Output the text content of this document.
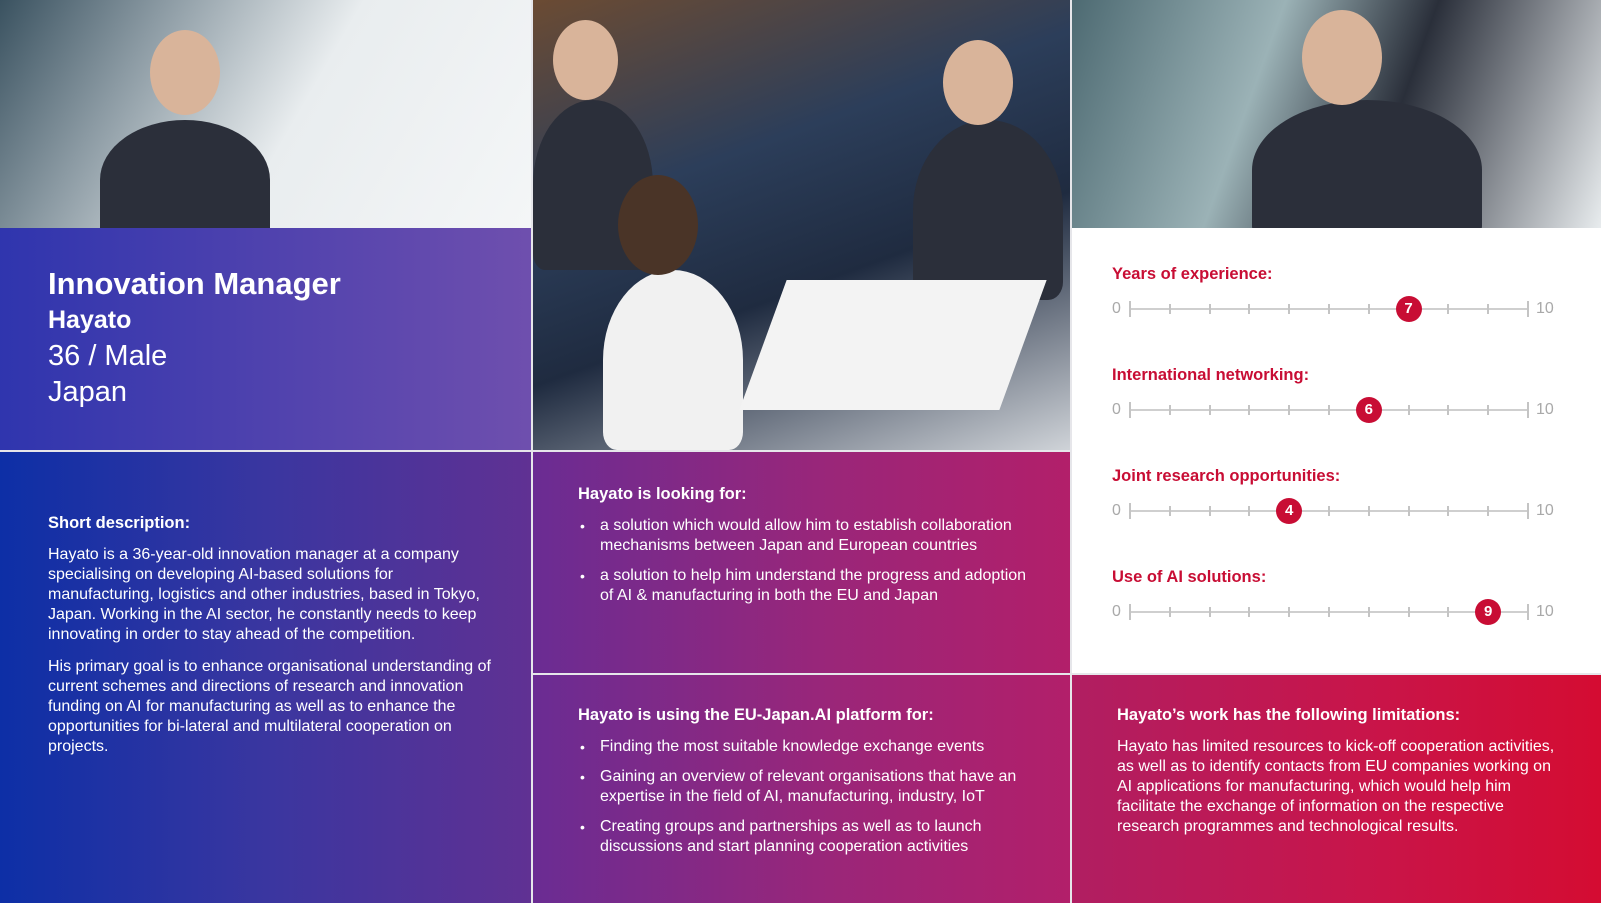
Innovation Manager
Hayato
36 / Male
Japan
Short description:

Hayato is a 36-year-old innovation manager at a company specialising on developing AI-based solutions for manufacturing, logistics and other industries, based in Tokyo, Japan. Working in the AI sector, he constantly needs to keep innovating in order to stay ahead of the competition.

His primary goal is to enhance organisational understanding of current schemes and directions of research and innovation funding on AI for manufacturing as well as to enhance the opportunities for bi-lateral and multilateral cooperation on projects.

Hayato is looking for:
• a solution which would allow him to establish collaboration mechanisms between Japan and European countries
• a solution to help him understand the progress and adoption of AI & manufacturing in both the EU and Japan
Hayato is using the EU-Japan.AI platform for:
• Finding the most suitable knowledge exchange events
• Gaining an overview of relevant organisations that have an expertise in the field of AI, manufacturing, industry, IoT
• Creating groups and partnerships as well as to launch discussions and start planning cooperation activities
Hayato’s work has the following limitations:

Hayato has limited resources to kick-off cooperation activities, as well as to identify contacts from EU companies working on AI applications for manufacturing, which would help him facilitate the exchange of information on the respective research programmes and technological results.

Years of experience:
0	7	10
International networking:
0	6	10
Joint research opportunities:
0	4	10
Use of AI solutions:
0	9	10
